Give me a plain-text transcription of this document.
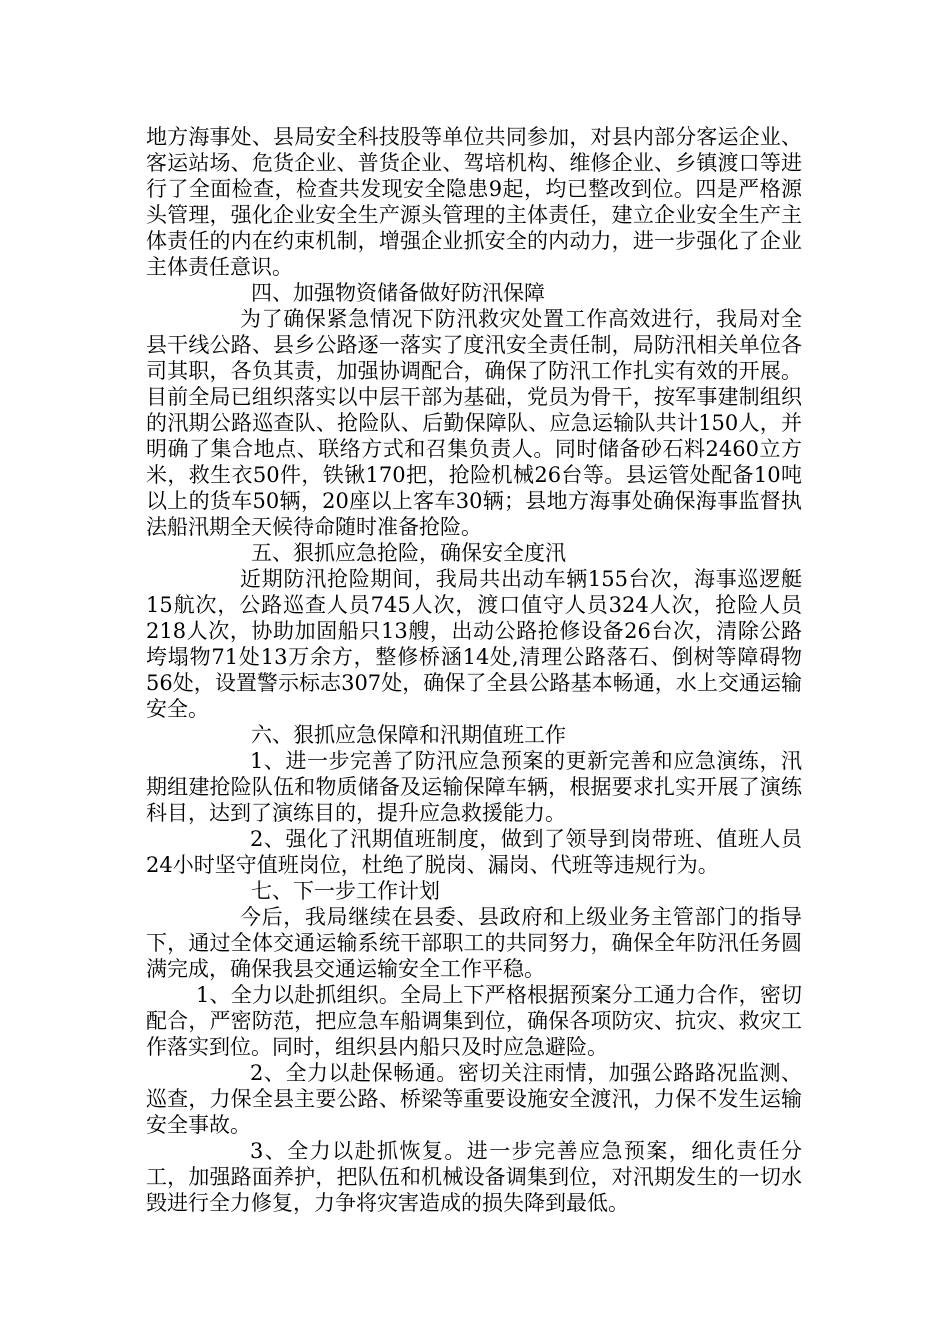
地方海事处、县局安全科技股等单位共同参加，对县内部分客运企业、客运站场、危货企业、普货企业、驾培机构、维修企业、乡镇渡口等进行了全面检查，检查共发现安全隐患9起，均已整改到位。四是严格源头管理，强化企业安全生产源头管理的主体责任，建立企业安全生产主体责任的内在约束机制，增强企业抓安全的内动力，进一步强化了企业主体责任意识。

四、加强物资储备做好防汛保障

为了确保紧急情况下防汛救灾处置工作高效进行，我局对全县干线公路、县乡公路逐一落实了度汛安全责任制，局防汛相关单位各司其职，各负其责，加强协调配合，确保了防汛工作扎实有效的开展。目前全局已组织落实以中层干部为基础，党员为骨干，按军事建制组织的汛期公路巡查队、抢险队、后勤保障队、应急运输队共计150人，并明确了集合地点、联络方式和召集负责人。同时储备砂石料2460立方米，救生衣50件，铁锹170把，抢险机械26台等。县运管处配备10吨以上的货车50辆，20座以上客车30辆；县地方海事处确保海事监督执法船汛期全天候待命随时准备抢险。

五、狠抓应急抢险，确保安全度汛

近期防汛抢险期间，我局共出动车辆155台次，海事巡逻艇15航次，公路巡查人员745人次，渡口值守人员324人次，抢险人员218人次，协助加固船只13艘，出动公路抢修设备26台次，清除公路垮塌物71处13万余方，整修桥涵14处,清理公路落石、倒树等障碍物56处，设置警示标志307处，确保了全县公路基本畅通，水上交通运输安全。

六、狠抓应急保障和汛期值班工作

1、进一步完善了防汛应急预案的更新完善和应急演练，汛期组建抢险队伍和物质储备及运输保障车辆，根据要求扎实开展了演练科目，达到了演练目的，提升应急救援能力。

2、强化了汛期值班制度，做到了领导到岗带班、值班人员24小时坚守值班岗位，杜绝了脱岗、漏岗、代班等违规行为。

七、下一步工作计划

今后，我局继续在县委、县政府和上级业务主管部门的指导下，通过全体交通运输系统干部职工的共同努力，确保全年防汛任务圆满完成，确保我县交通运输安全工作平稳。

1、全力以赴抓组织。全局上下严格根据预案分工通力合作，密切配合，严密防范，把应急车船调集到位，确保各项防灾、抗灾、救灾工作落实到位。同时，组织县内船只及时应急避险。

2、全力以赴保畅通。密切关注雨情，加强公路路况监测、巡查，力保全县主要公路、桥梁等重要设施安全渡汛，力保不发生运输安全事故。

3、全力以赴抓恢复。进一步完善应急预案，细化责任分工，加强路面养护，把队伍和机械设备调集到位，对汛期发生的一切水毁进行全力修复，力争将灾害造成的损失降到最低。
